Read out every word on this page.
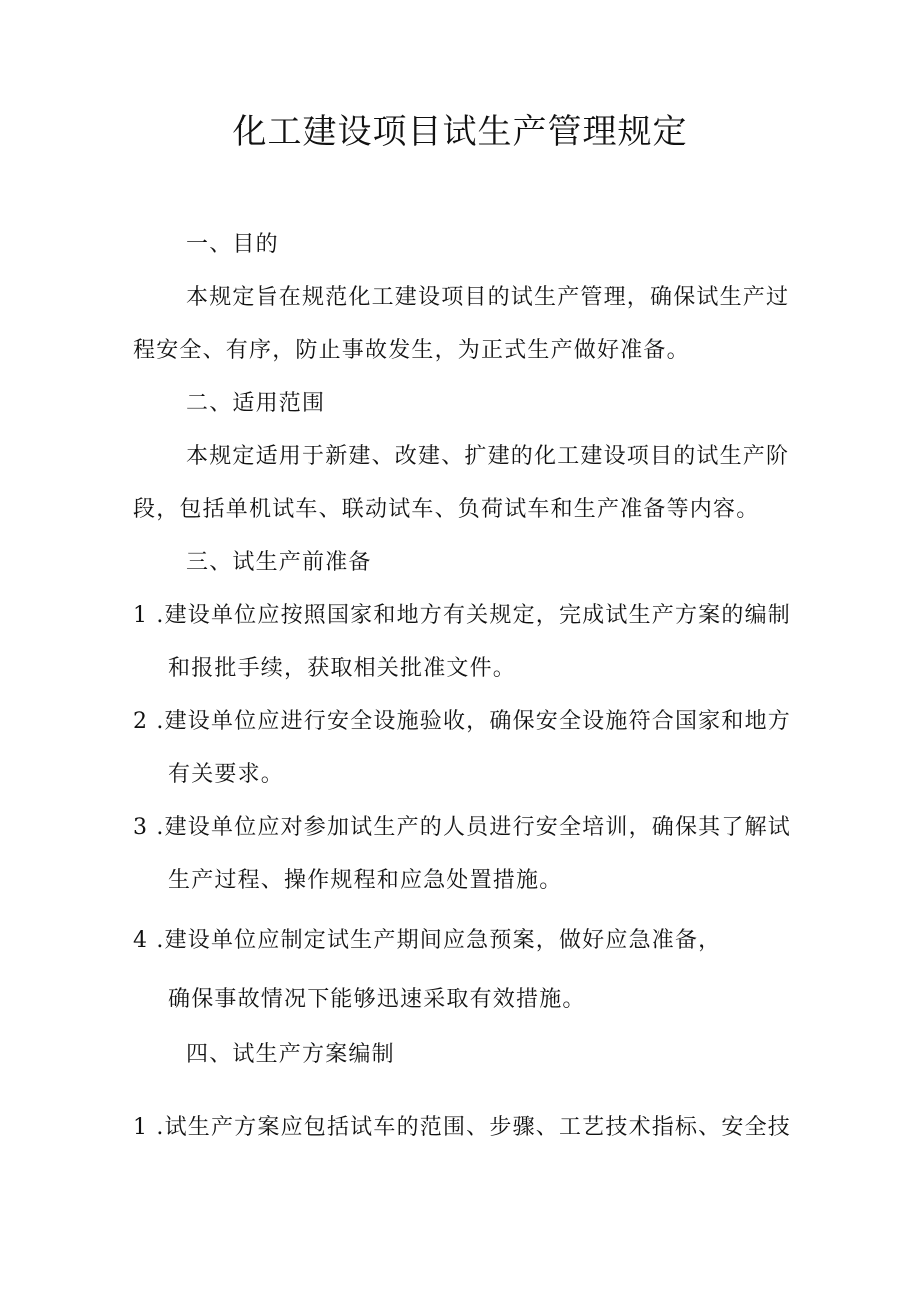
化工建设项目试生产管理规定
一、目的
本规定旨在规范化工建设项目的试生产管理，确保试生产过
程安全、有序，防止事故发生，为正式生产做好准备。
二、适用范围
本规定适用于新建、改建、扩建的化工建设项目的试生产阶
段，包括单机试车、联动试车、负荷试车和生产准备等内容。
三、试生产前准备
1 .建设单位应按照国家和地方有关规定，完成试生产方案的编制
和报批手续，获取相关批准文件。
2 .建设单位应进行安全设施验收，确保安全设施符合国家和地方
有关要求。
3 .建设单位应对参加试生产的人员进行安全培训，确保其了解试
生产过程、操作规程和应急处置措施。
4 .建设单位应制定试生产期间应急预案，做好应急准备，
确保事故情况下能够迅速采取有效措施。
四、试生产方案编制
1 .试生产方案应包括试车的范围、步骤、工艺技术指标、安全技
